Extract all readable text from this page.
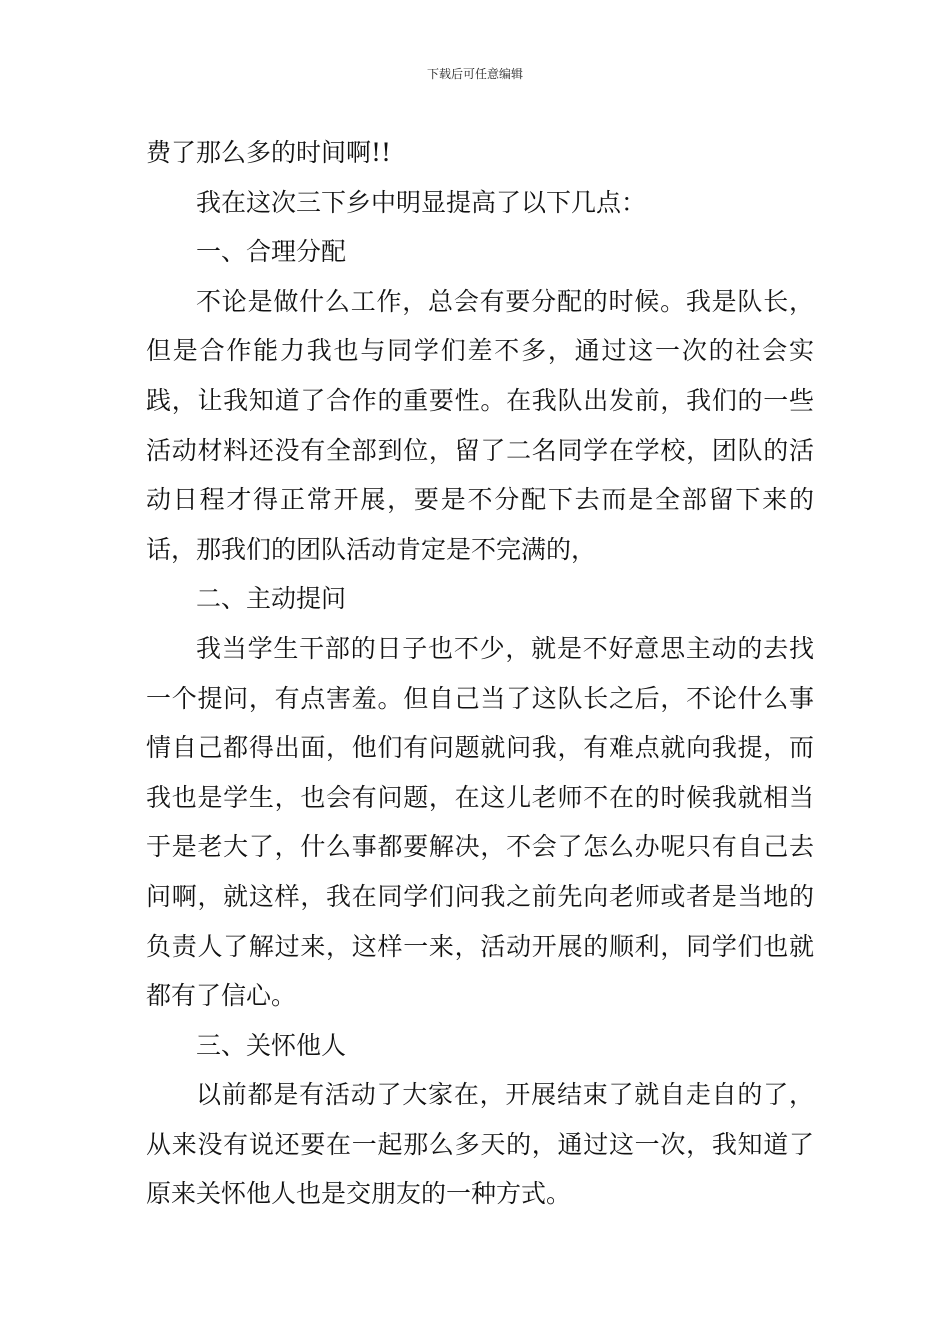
下载后可任意编辑

费了那么多的时间啊!!

我在这次三下乡中明显提高了以下几点：

一、合理分配

不论是做什么工作，总会有要分配的时候。我是队长，但是合作能力我也与同学们差不多，通过这一次的社会实践，让我知道了合作的重要性。在我队出发前，我们的一些活动材料还没有全部到位，留了二名同学在学校，团队的活动日程才得正常开展，要是不分配下去而是全部留下来的话，那我们的团队活动肯定是不完满的，

二、主动提问

我当学生干部的日子也不少，就是不好意思主动的去找一个提问，有点害羞。但自己当了这队长之后，不论什么事情自己都得出面，他们有问题就问我，有难点就向我提，而我也是学生，也会有问题，在这儿老师不在的时候我就相当于是老大了，什么事都要解决，不会了怎么办呢只有自己去问啊，就这样，我在同学们问我之前先向老师或者是当地的负责人了解过来，这样一来，活动开展的顺利，同学们也就都有了信心。

三、关怀他人

以前都是有活动了大家在，开展结束了就自走自的了，从来没有说还要在一起那么多天的，通过这一次，我知道了原来关怀他人也是交朋友的一种方式。
